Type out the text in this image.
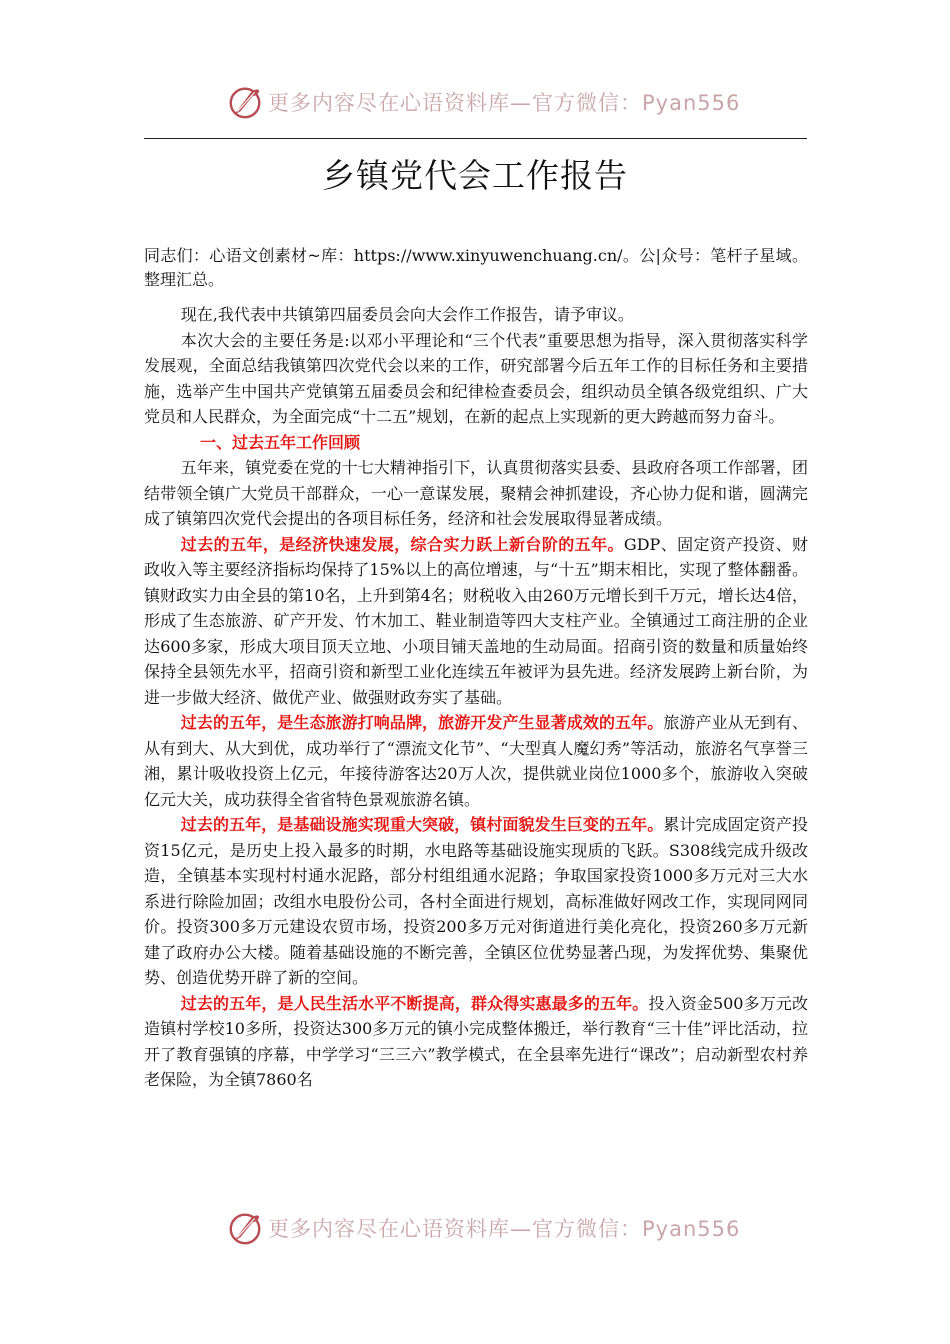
更多内容尽在心语资料库—官方微信：Pyan556
乡镇党代会工作报告

同志们：心语文创素材~库：https://www.xinyuwenchuang.cn/。公|众号：笔杆子星域。整理汇总。

现在,我代表中共镇第四届委员会向大会作工作报告，请予审议。

本次大会的主要任务是:以邓小平理论和“三个代表”重要思想为指导，深入贯彻落实科学发展观，全面总结我镇第四次党代会以来的工作，研究部署今后五年工作的目标任务和主要措施，选举产生中国共产党镇第五届委员会和纪律检查委员会，组织动员全镇各级党组织、广大党员和人民群众，为全面完成“十二五”规划，在新的起点上实现新的更大跨越而努力奋斗。

一、过去五年工作回顾

五年来，镇党委在党的十七大精神指引下，认真贯彻落实县委、县政府各项工作部署，团结带领全镇广大党员干部群众，一心一意谋发展，聚精会神抓建设，齐心协力促和谐，圆满完成了镇第四次党代会提出的各项目标任务，经济和社会发展取得显著成绩。

过去的五年，是经济快速发展，综合实力跃上新台阶的五年。GDP、固定资产投资、财政收入等主要经济指标均保持了15%以上的高位增速，与“十五”期末相比，实现了整体翻番。镇财政实力由全县的第10名，上升到第4名；财税收入由260万元增长到千万元，增长达4倍，形成了生态旅游、矿产开发、竹木加工、鞋业制造等四大支柱产业。全镇通过工商注册的企业达600多家，形成大项目顶天立地、小项目铺天盖地的生动局面。招商引资的数量和质量始终保持全县领先水平，招商引资和新型工业化连续五年被评为县先进。经济发展跨上新台阶，为进一步做大经济、做优产业、做强财政夯实了基础。

过去的五年，是生态旅游打响品牌，旅游开发产生显著成效的五年。旅游产业从无到有、从有到大、从大到优，成功举行了“漂流文化节”、“大型真人魔幻秀”等活动，旅游名气享誉三湘，累计吸收投资上亿元，年接待游客达20万人次，提供就业岗位1000多个，旅游收入突破亿元大关，成功获得全省省特色景观旅游名镇。

过去的五年，是基础设施实现重大突破，镇村面貌发生巨变的五年。累计完成固定资产投资15亿元，是历史上投入最多的时期，水电路等基础设施实现质的飞跃。S308线完成升级改造，全镇基本实现村村通水泥路，部分村组组通水泥路；争取国家投资1000多万元对三大水系进行除险加固；改组水电股份公司，各村全面进行规划，高标准做好网改工作，实现同网同价。投资300多万元建设农贸市场，投资200多万元对街道进行美化亮化，投资260多万元新建了政府办公大楼。随着基础设施的不断完善，全镇区位优势显著凸现，为发挥优势、集聚优势、创造优势开辟了新的空间。

过去的五年，是人民生活水平不断提高，群众得实惠最多的五年。投入资金500多万元改造镇村学校10多所，投资达300多万元的镇小完成整体搬迁，举行教育“三十佳”评比活动，拉开了教育强镇的序幕，中学学习“三三六”教学模式，在全县率先进行“课改”；启动新型农村养老保险，为全镇7860名

更多内容尽在心语资料库—官方微信：Pyan556
